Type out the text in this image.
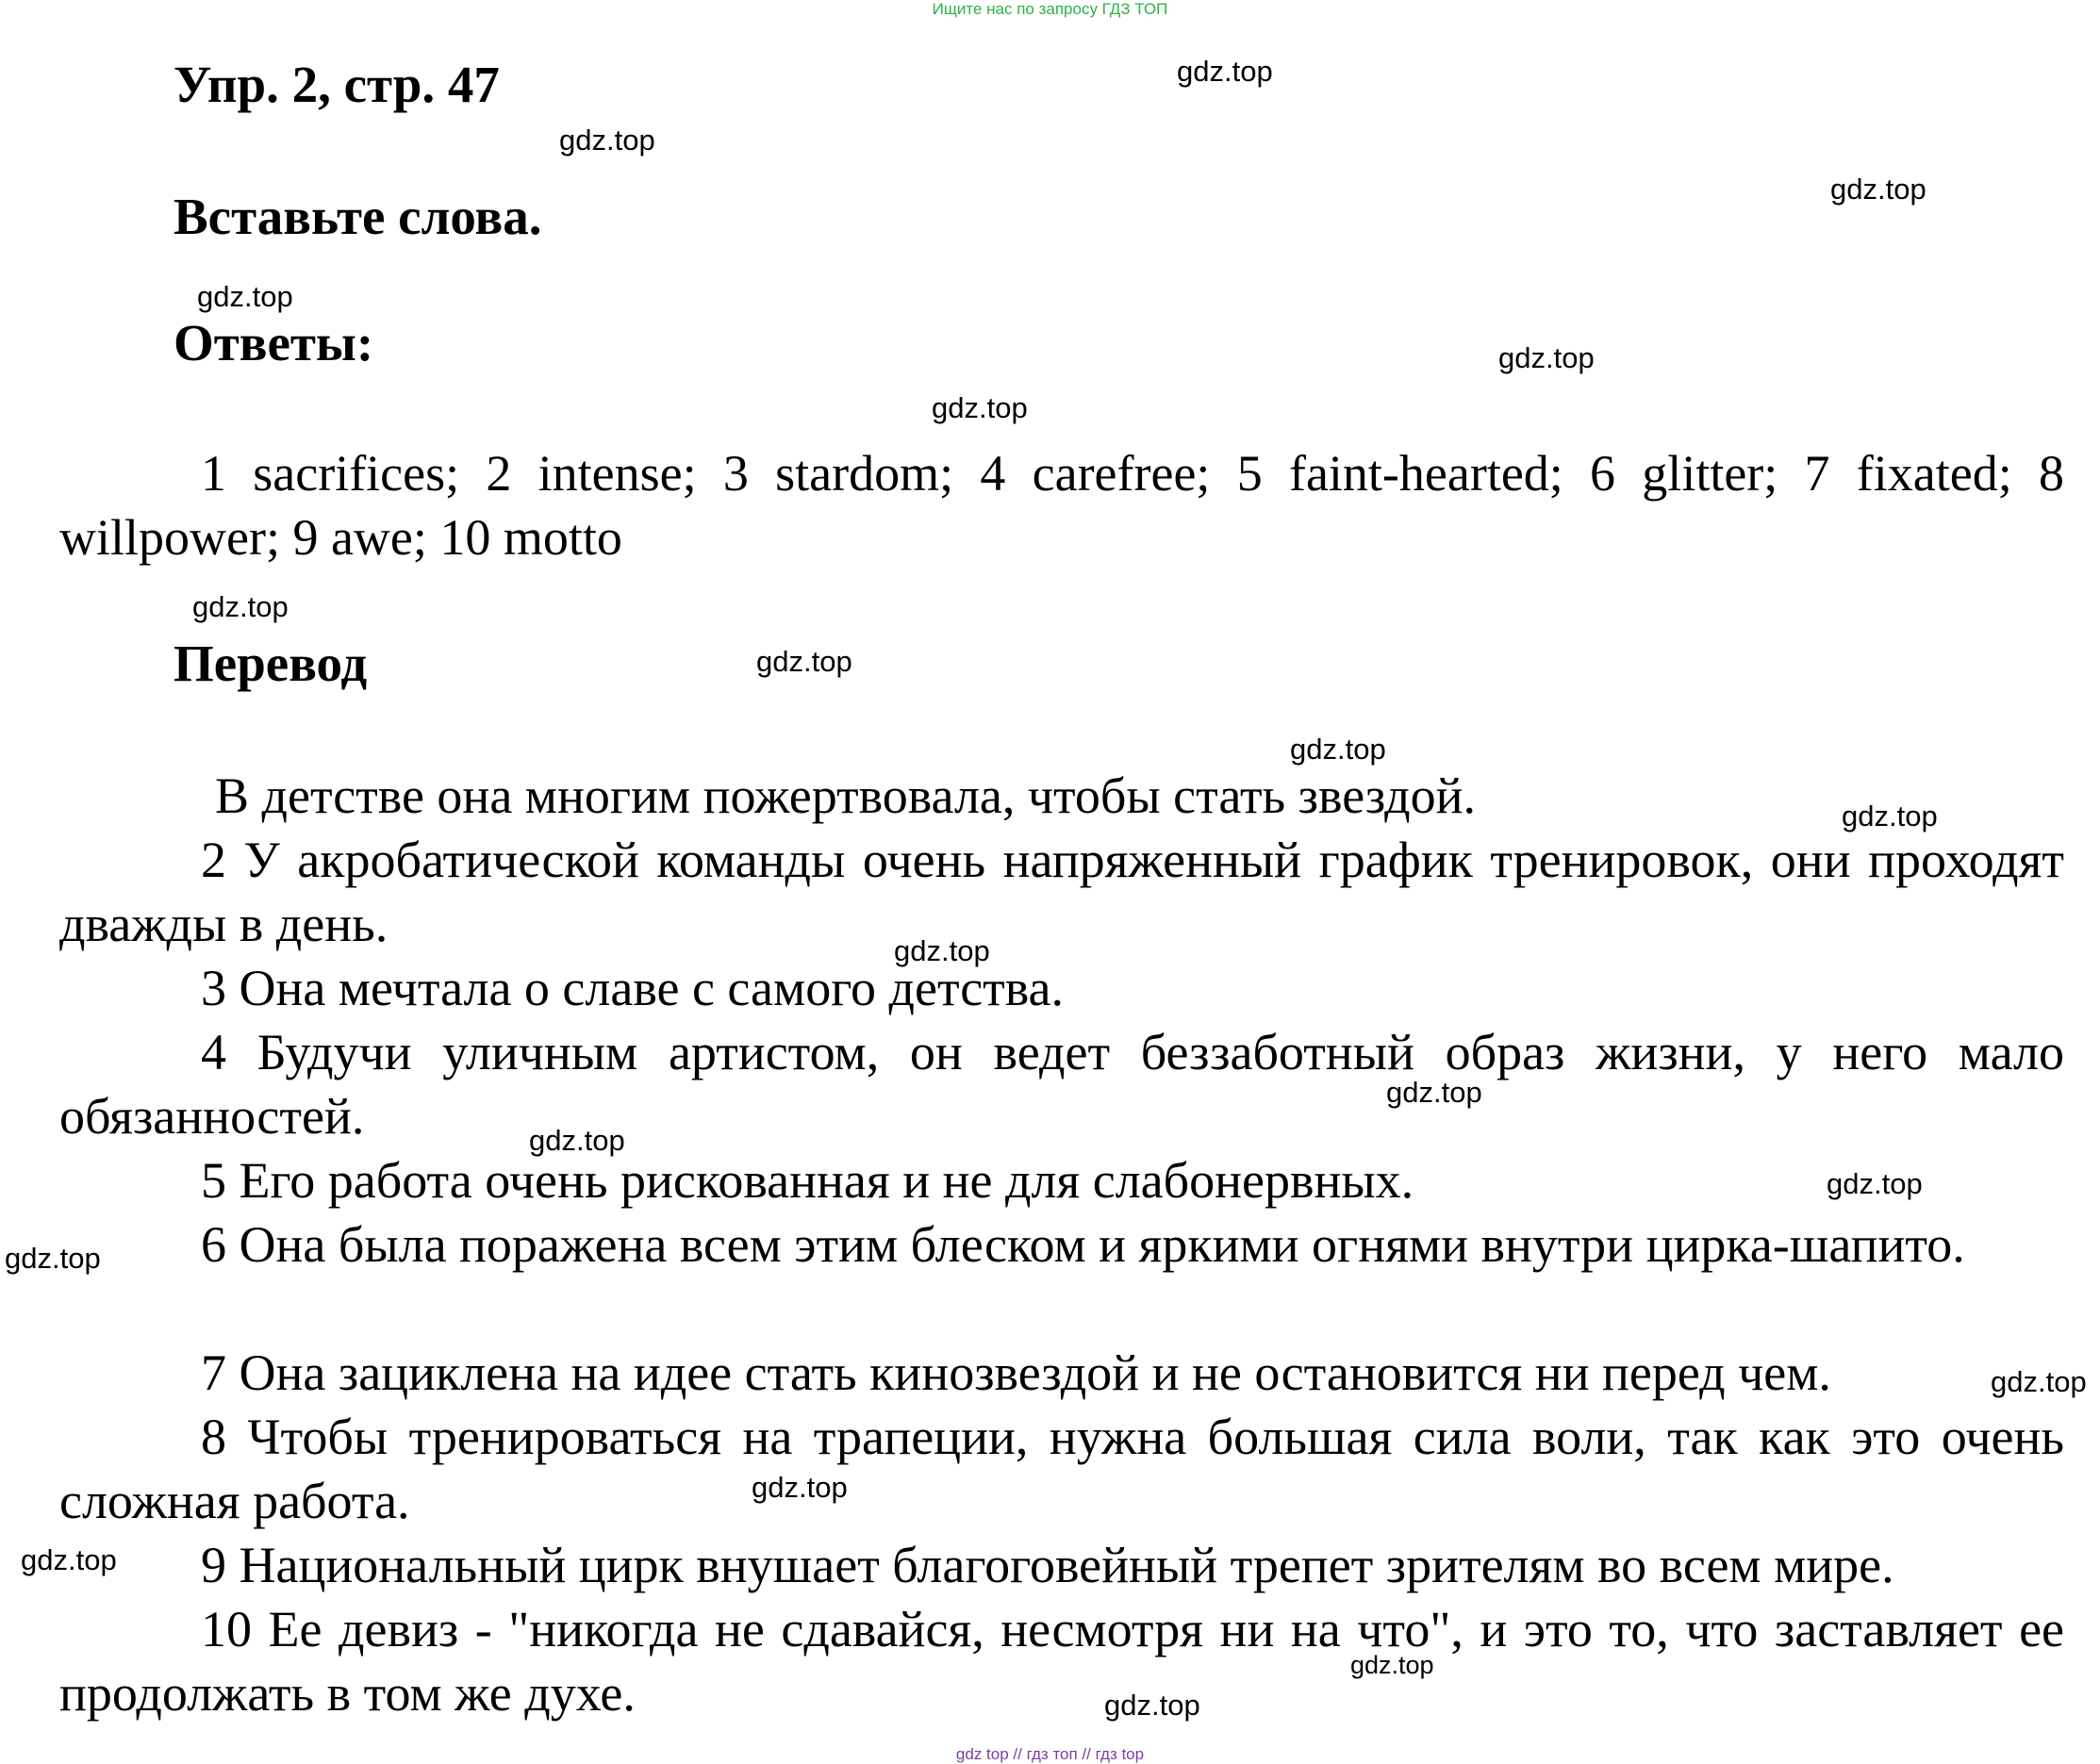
Ищите нас по запросу ГДЗ ТОП
Упр. 2, стр. 47
Вставьте слова.
Ответы:

1 sacrifices; 2 intense; 3 stardom; 4 carefree; 5 faint-hearted; 6 glitter; 7 fixated; 8 willpower; 9 awe; 10 motto

Перевод

В детстве она многим пожертвовала, чтобы стать звездой.

2 У акробатической команды очень напряженный график тренировок, они проходят дважды в день.

3 Она мечтала о славе с самого детства.

4 Будучи уличным артистом, он ведет беззаботный образ жизни, у него мало обязанностей.

5 Его работа очень рискованная и не для слабонервных.

6 Она была поражена всем этим блеском и яркими огнями внутри цирка-шапито.

7 Она зациклена на идее стать кинозвездой и не остановится ни перед чем.

8 Чтобы тренироваться на трапеции, нужна большая сила воли, так как это очень сложная работа.

9 Национальный цирк внушает благоговейный трепет зрителям во всем мире.

10 Ее девиз - "никогда не сдавайся, несмотря ни на что", и это то, что заставляет ее продолжать в том же духе.

gdz.top
gdz.top
gdz.top
gdz.top
gdz.top
gdz.top
gdz.top
gdz.top
gdz.top
gdz.top
gdz.top
gdz.top
gdz.top
gdz.top
gdz.top
gdz.top
gdz.top
gdz.top
gdz.top
gdz.top
gdz top // гдз топ // гдз top
